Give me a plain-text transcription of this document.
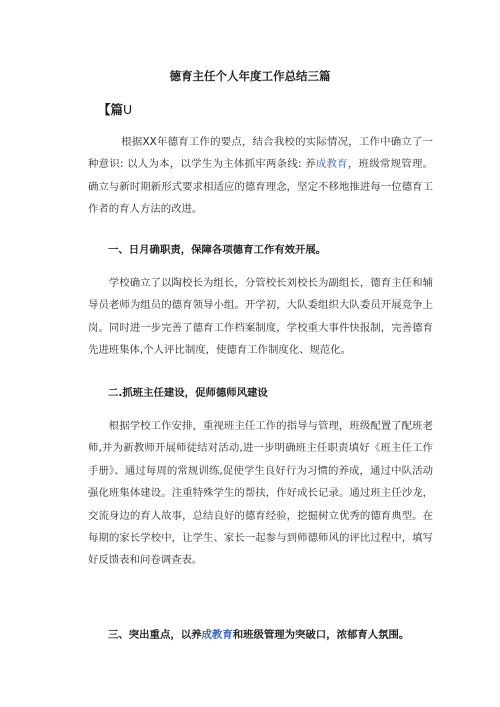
德育主任个人年度工作总结三篇
【篇U

根据XX年德育工作的要点，结合我校的实际情况，工作中确立了一种意识: 以人为本，以学生为主体抓牢两条线: 养成教育，班级常规管理。确立与新时期新形式要求相适应的德育理念，坚定不移地推进每一位德育工作者的育人方法的改进。

一、日月确职责，保障各项德育工作有效开展。

学校确立了以陶校长为组长，分管校长刘校长为副组长，德育主任和辅导员老师为组员的德育领导小组。开学初，大队委组织大队委员开展竞争上岗。同时进一步完善了德育工作档案制度，学校重大事件快报制，完善德育先进班集体,个人评比制度，使德育工作制度化、规范化。

二.抓班主任建设，促师德师风建设

根据学校工作安排，重视班主任工作的指导与管理，班级配置了配班老师,并为新教师开展师徒结对活动,进一步明确班主任职责填好《班主任工作手册》、通过每周的常规训练,促使学生良好行为习惯的养成，通过中队活动强化班集体建设。注重特殊学生的帮扶，作好成长记录。通过班主任沙龙，交流身边的育人故事，总结良好的德育经验，挖掘树立优秀的德育典型。在每期的家长学校中，让学生、家长一起参与到师德师风的评比过程中，填写好反馈表和问卷调查表。

三、突出重点，以养成教育和班级管理为突破口，浓郁育人氛围。
